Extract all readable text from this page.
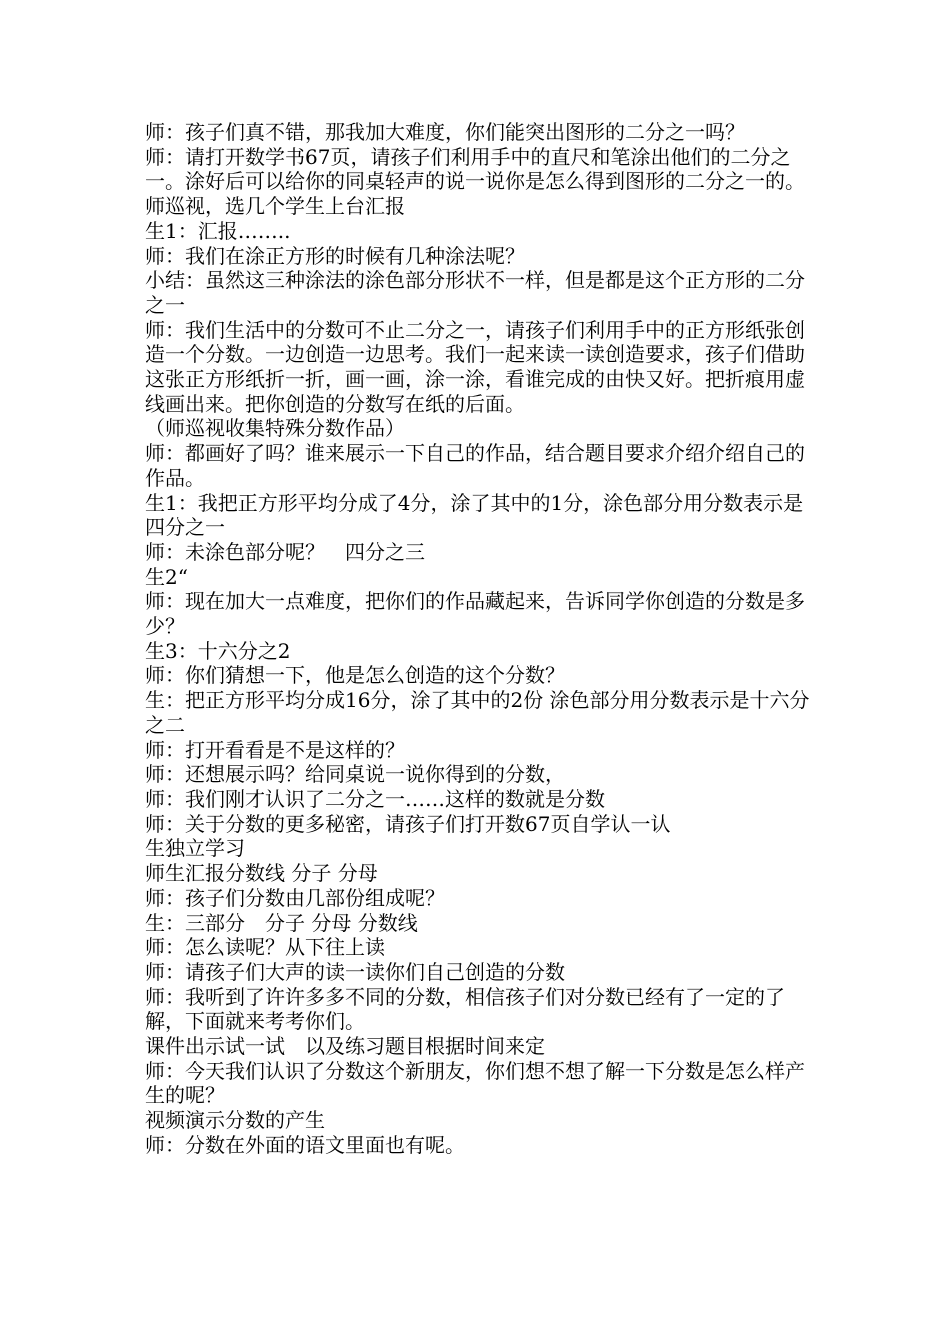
师：孩子们真不错，那我加大难度，你们能突出图形的二分之一吗？

师：请打开数学书67页，请孩子们利用手中的直尺和笔涂出他们的二分之一。涂好后可以给你的同桌轻声的说一说你是怎么得到图形的二分之一的。

师巡视，选几个学生上台汇报

生1：汇报……..

师：我们在涂正方形的时候有几种涂法呢？

小结：虽然这三种涂法的涂色部分形状不一样，但是都是这个正方形的二分之一

师：我们生活中的分数可不止二分之一，请孩子们利用手中的正方形纸张创造一个分数。一边创造一边思考。我们一起来读一读创造要求，孩子们借助这张正方形纸折一折，画一画，涂一涂，看谁完成的由快又好。把折痕用虚线画出来。把你创造的分数写在纸的后面。

（师巡视收集特殊分数作品）

师：都画好了吗？谁来展示一下自己的作品，结合题目要求介绍介绍自己的作品。

生1：我把正方形平均分成了4分，涂了其中的1分，涂色部分用分数表示是四分之一

师：未涂色部分呢？　四分之三

生2“

师：现在加大一点难度，把你们的作品藏起来，告诉同学你创造的分数是多少？

生3：十六分之2

师：你们猜想一下，他是怎么创造的这个分数？

生：把正方形平均分成16分，涂了其中的2份 涂色部分用分数表示是十六分之二

师：打开看看是不是这样的？

师：还想展示吗？给同桌说一说你得到的分数，

师：我们刚才认识了二分之一……这样的数就是分数

师：关于分数的更多秘密，请孩子们打开数67页自学认一认

生独立学习

师生汇报分数线 分子 分母

师：孩子们分数由几部份组成呢？

生：三部分　分子 分母 分数线

师：怎么读呢？从下往上读

师：请孩子们大声的读一读你们自己创造的分数

师：我听到了许许多多不同的分数，相信孩子们对分数已经有了一定的了解，下面就来考考你们。

课件出示试一试　以及练习题目根据时间来定

师：今天我们认识了分数这个新朋友，你们想不想了解一下分数是怎么样产生的呢？

视频演示分数的产生

师：分数在外面的语文里面也有呢。
